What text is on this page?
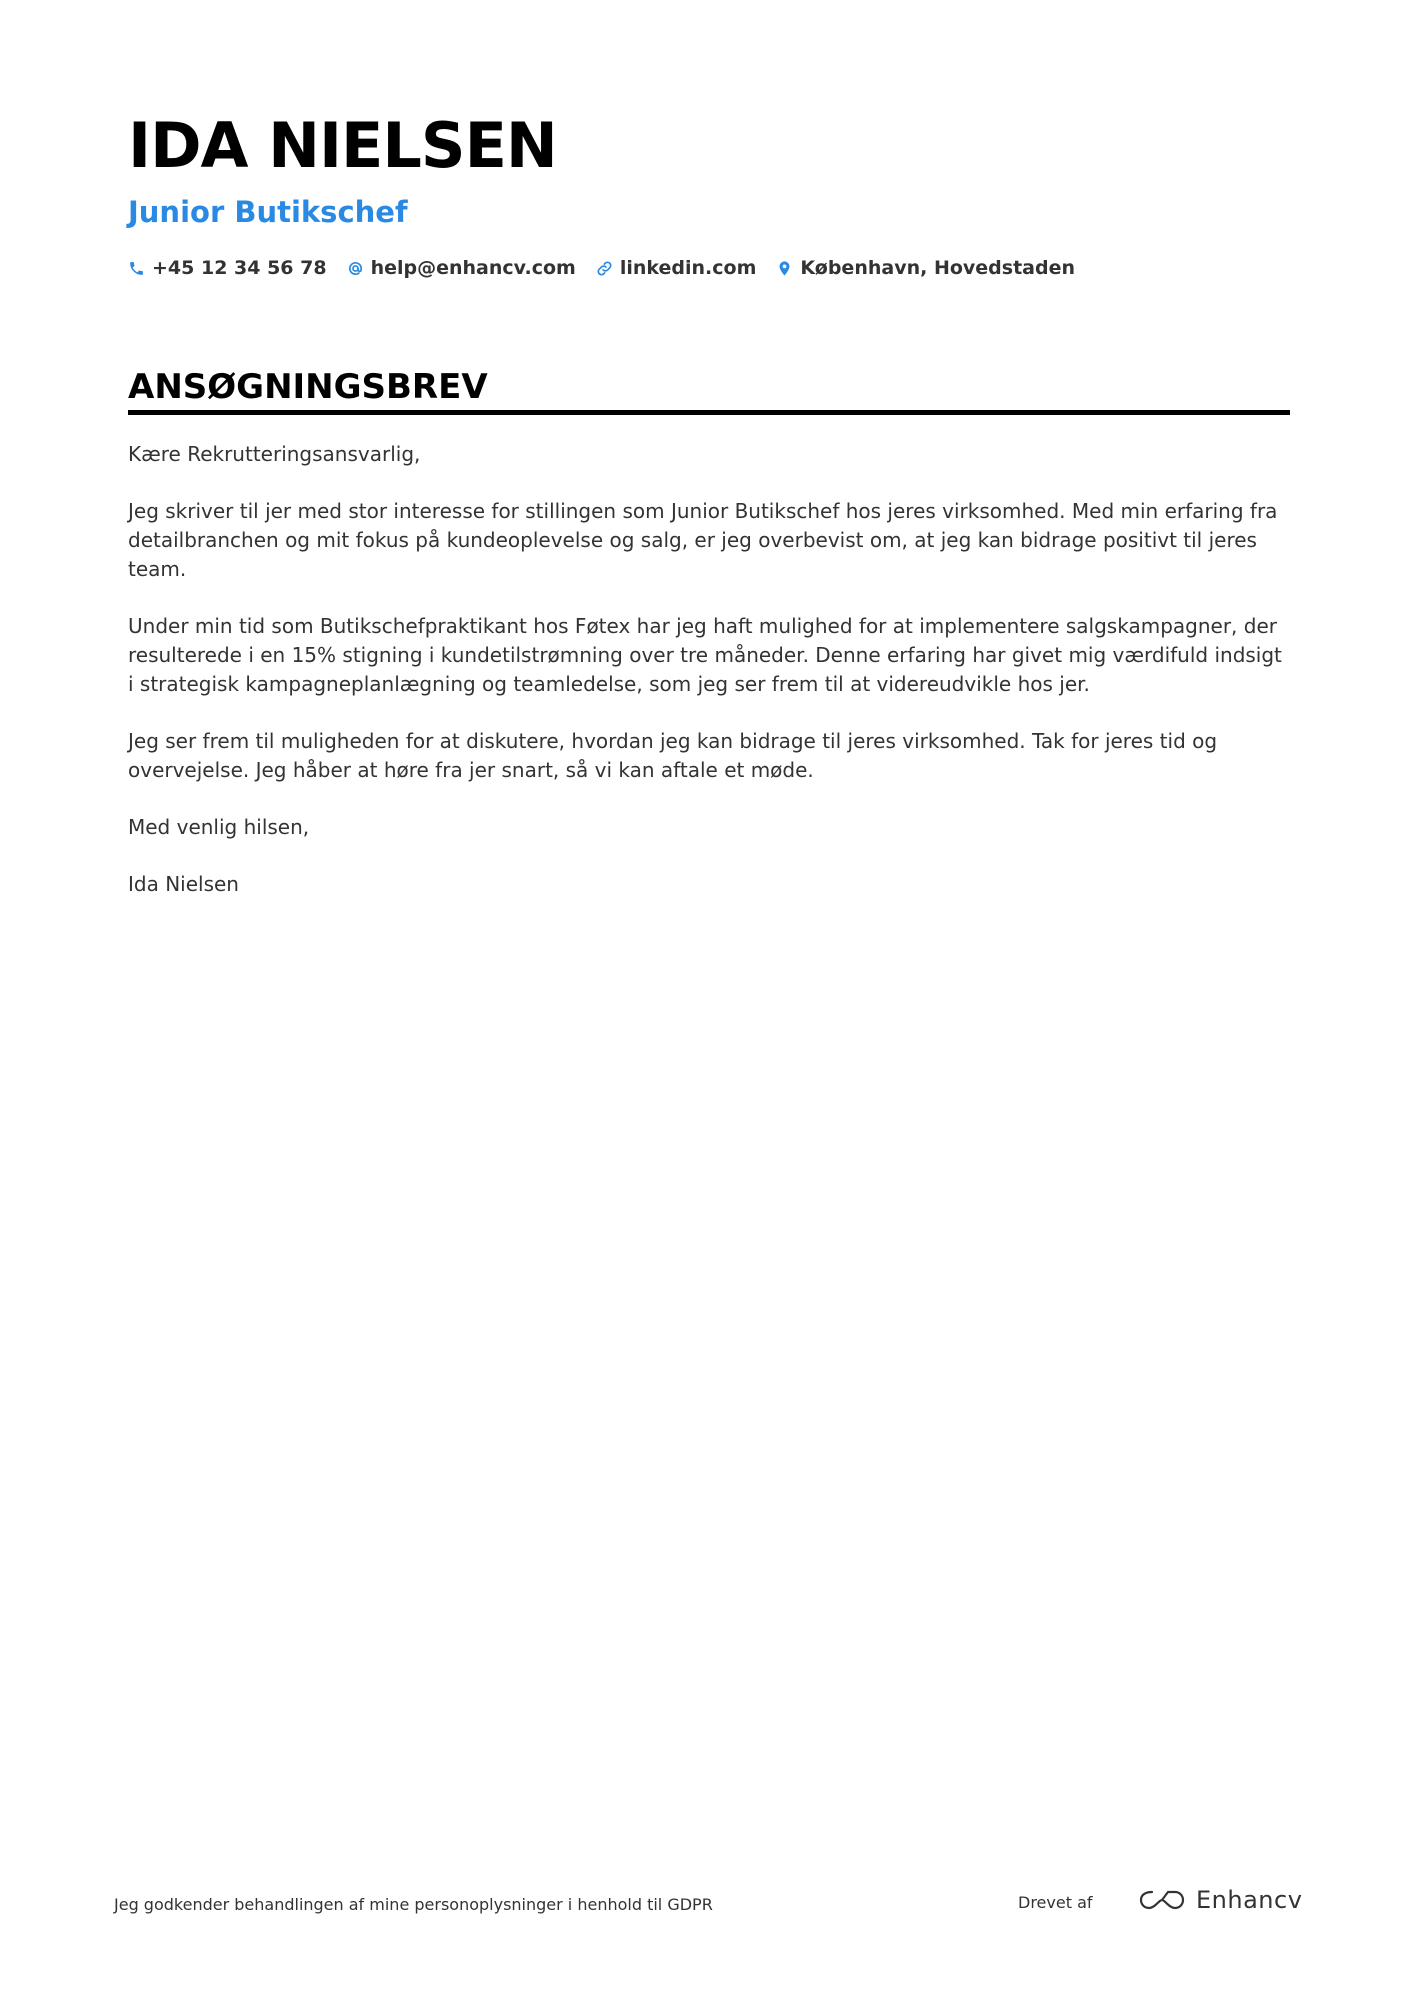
IDA NIELSEN
Junior Butikschef
+45 12 34 56 78 help@enhancv.com linkedin.com København, Hovedstaden
ANSØGNINGSBREV

Kære Rekrutteringsansvarlig,

Jeg skriver til jer med stor interesse for stillingen som Junior Butikschef hos jeres virksomhed. Med min erfaring fra detailbranchen og mit fokus på kundeoplevelse og salg, er jeg overbevist om, at jeg kan bidrage positivt til jeres team.

Under min tid som Butikschefpraktikant hos Føtex har jeg haft mulighed for at implementere salgskampagner, der resulterede i en 15% stigning i kundetilstrømning over tre måneder. Denne erfaring har givet mig værdifuld indsigt i strategisk kampagneplanlægning og teamledelse, som jeg ser frem til at videreudvikle hos jer.

Jeg ser frem til muligheden for at diskutere, hvordan jeg kan bidrage til jeres virksomhed. Tak for jeres tid og overvejelse. Jeg håber at høre fra jer snart, så vi kan aftale et møde.

Med venlig hilsen,

Ida Nielsen

Jeg godkender behandlingen af mine personoplysninger i henhold til GDPR	Drevet af	Enhancv
